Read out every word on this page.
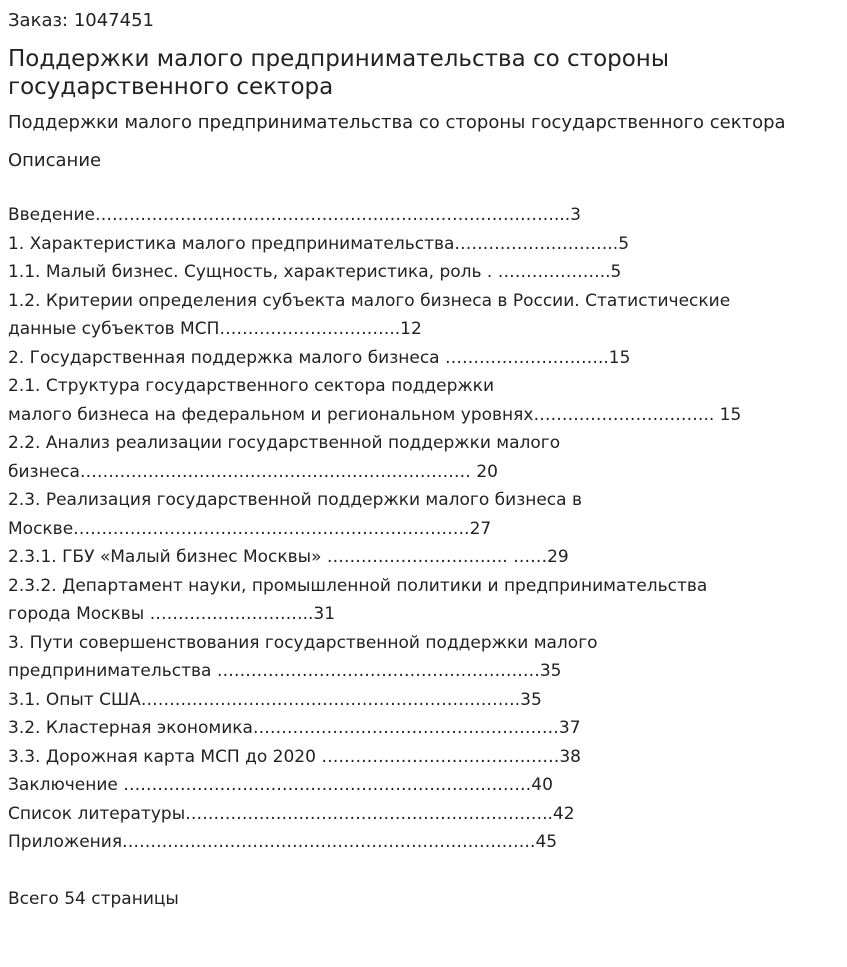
Заказ: 1047451
Поддержки малого предпринимательства со стороны государственного сектора
Поддержки малого предпринимательства со стороны государственного сектора
Описание
Введение………………………………………………………………………...3
1. Характеристика малого предпринимательства………………………..5
1.1. Малый бизнес. Сущность, характеристика, роль . ………………..5
1.2. Критерии определения субъекта малого бизнеса в России. Статистические
данные субъектов МСП…………………………..12
2. Государственная поддержка малого бизнеса ………………………..15
2.1. Структура государственного сектора поддержки
малого бизнеса на федеральном и региональном уровнях………………………….. 15
2.2. Анализ реализации государственной поддержки малого
бизнеса…………………………………………………………… 20
2.3. Реализация государственной поддержки малого бизнеса в
Москве…………………………………………………………….27
2.3.1. ГБУ «Малый бизнес Москвы» ………………………….. ……29
2.3.2. Департамент науки, промышленной политики и предпринимательства
города Москвы ………………………..31
3. Пути совершенствования государственной поддержки малого
предпринимательства …………………………………………………35
3.1. Опыт США………………………………………………………….35
3.2. Кластерная экономика………………………………………………37
3.3. Дорожная карта МСП до 2020 ……………………………………38
Заключение ………………………………………………………………40
Список литературы………………………………………………………..42
Приложения……………………………………………………………….45
Всего 54 страницы
